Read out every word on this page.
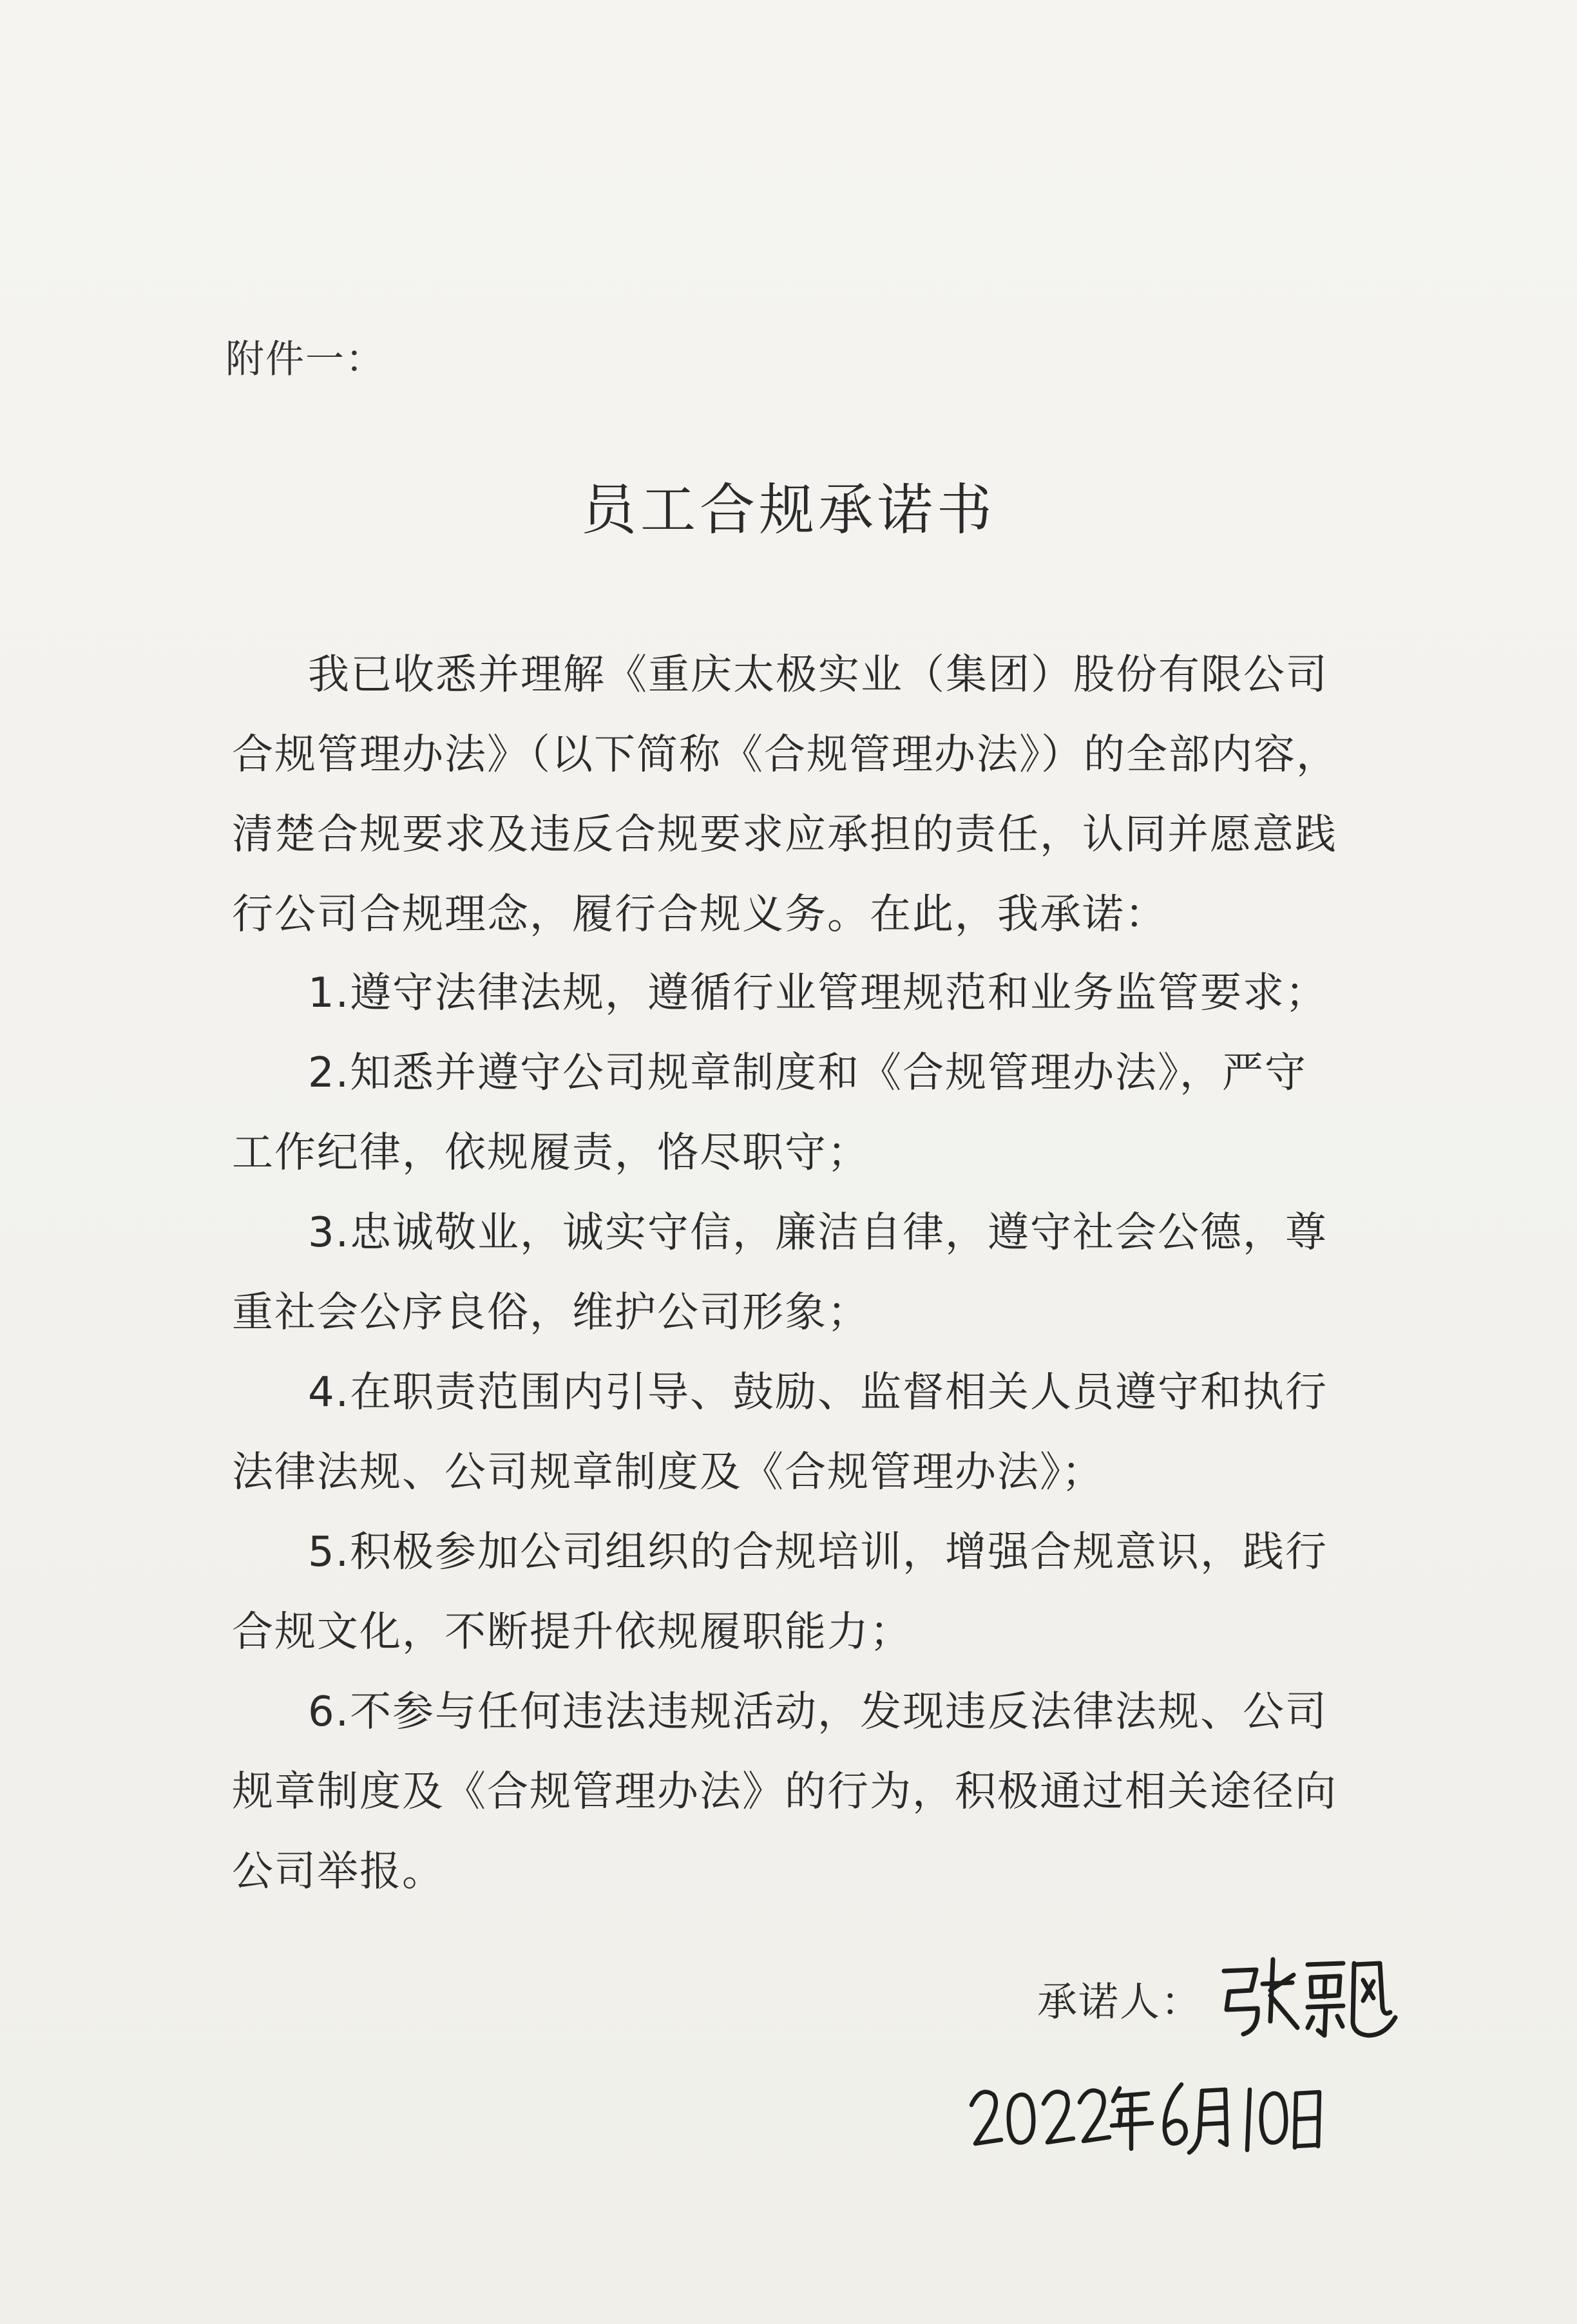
附件一：
员工合规承诺书
我已收悉并理解《重庆太极实业（集团）股份有限公司
合规管理办法》（以下简称《合规管理办法》）的全部内容，
清楚合规要求及违反合规要求应承担的责任，认同并愿意践
行公司合规理念，履行合规义务。在此，我承诺：
1.遵守法律法规，遵循行业管理规范和业务监管要求；
2.知悉并遵守公司规章制度和《合规管理办法》，严守
工作纪律，依规履责，恪尽职守；
3.忠诚敬业，诚实守信，廉洁自律，遵守社会公德，尊
重社会公序良俗，维护公司形象；
4.在职责范围内引导、鼓励、监督相关人员遵守和执行
法律法规、公司规章制度及《合规管理办法》；
5.积极参加公司组织的合规培训，增强合规意识，践行
合规文化，不断提升依规履职能力；
6.不参与任何违法违规活动，发现违反法律法规、公司
规章制度及《合规管理办法》的行为，积极通过相关途径向
公司举报。
承诺人：
